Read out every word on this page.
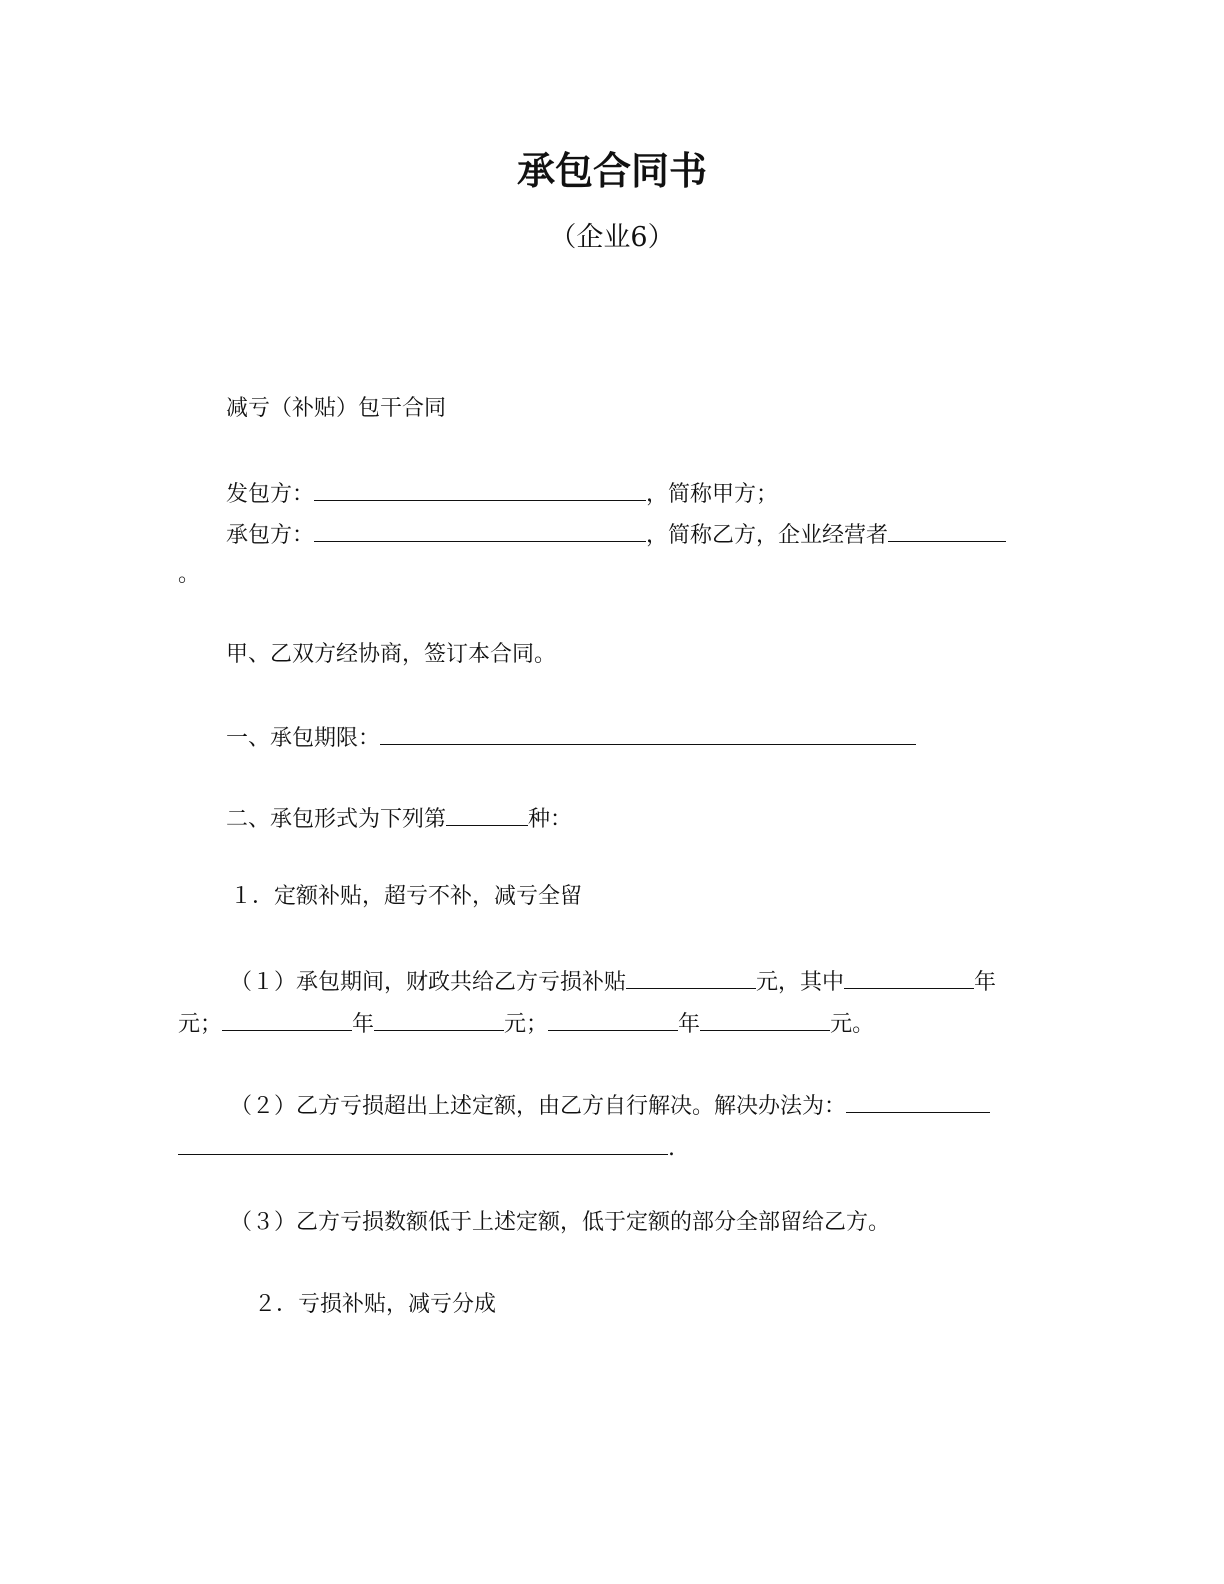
承包合同书
（企业6）
减亏（补贴）包干合同
发包方：	，简称甲方；
承包方：	，简称乙方，企业经营者
。
甲、乙双方经协商，签订本合同。
一、承包期限：
二、承包形式为下列第	种：
１．定额补贴，超亏不补，减亏全留
（１）承包期间，财政共给乙方亏损补贴	元，其中	年
元；	年	元；	年	元。
（２）乙方亏损超出上述定额，由乙方自行解决。解决办法为：
.
（３）乙方亏损数额低于上述定额，低于定额的部分全部留给乙方。
２．亏损补贴，减亏分成
